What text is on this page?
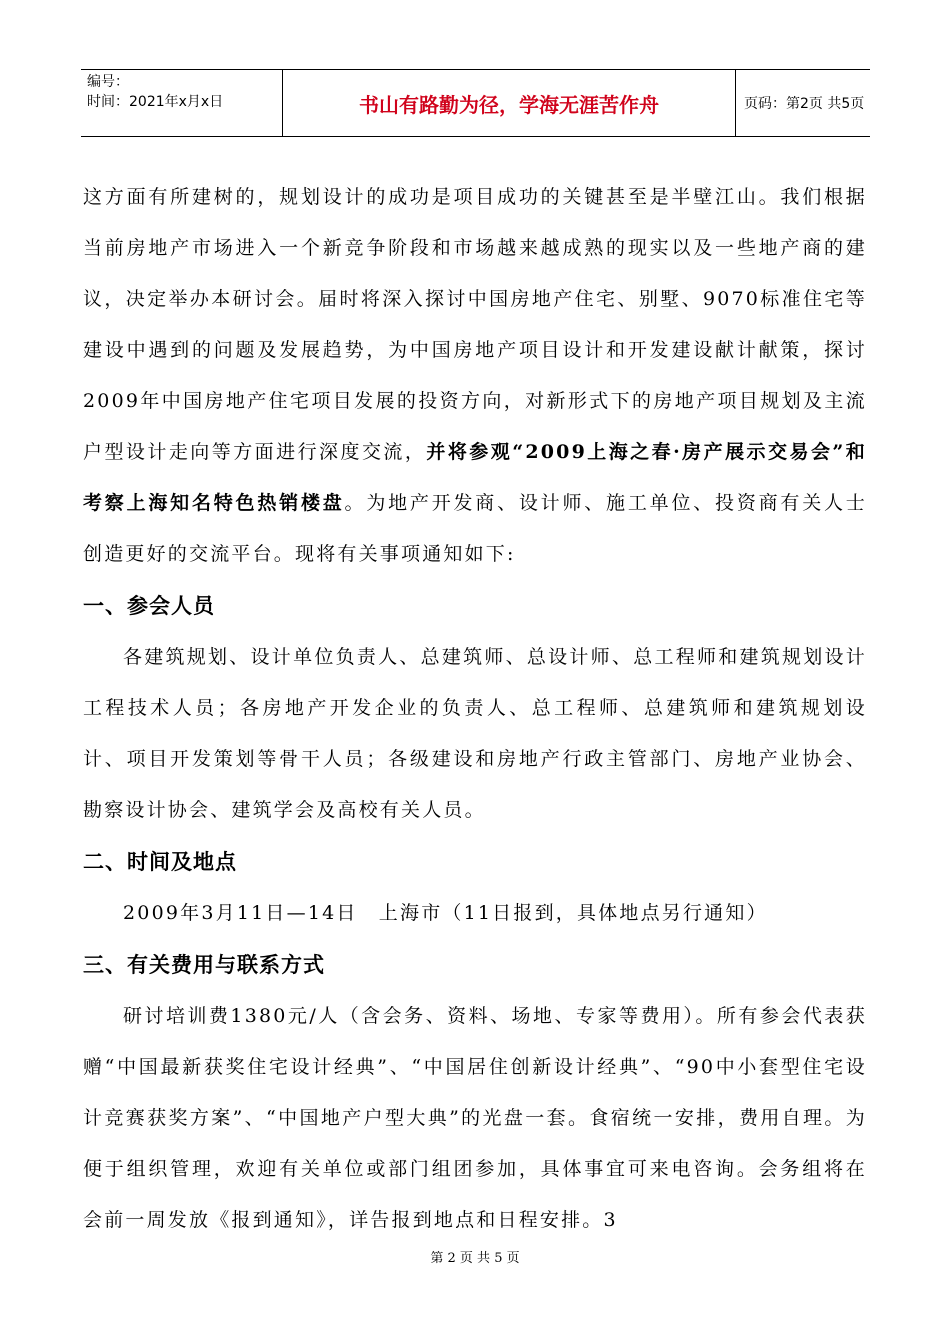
编号：
时间：2021年x月x日	书山有路勤为径，学海无涯苦作舟	页码：第2页 共5页

这方面有所建树的，规划设计的成功是项目成功的关键甚至是半壁江山。我们根据当前房地产市场进入一个新竞争阶段和市场越来越成熟的现实以及一些地产商的建议，决定举办本研讨会。届时将深入探讨中国房地产住宅、别墅、9070标准住宅等建设中遇到的问题及发展趋势，为中国房地产项目设计和开发建设献计献策，探讨2009年中国房地产住宅项目发展的投资方向，对新形式下的房地产项目规划及主流户型设计走向等方面进行深度交流，并将参观“2009上海之春·房产展示交易会”和考察上海知名特色热销楼盘。为地产开发商、设计师、施工单位、投资商有关人士创造更好的交流平台。现将有关事项通知如下:

一、参会人员

各建筑规划、设计单位负责人、总建筑师、总设计师、总工程师和建筑规划设计工程技术人员；各房地产开发企业的负责人、总工程师、总建筑师和建筑规划设计、项目开发策划等骨干人员；各级建设和房地产行政主管部门、房地产业协会、勘察设计协会、建筑学会及高校有关人员。

二、时间及地点

2009年3月11日—14日　上海市（11日报到，具体地点另行通知）

三、有关费用与联系方式

研讨培训费1380元/人（含会务、资料、场地、专家等费用）。所有参会代表获赠“中国最新获奖住宅设计经典”、“中国居住创新设计经典”、“90中小套型住宅设计竞赛获奖方案”、“中国地产户型大典”的光盘一套。食宿统一安排，费用自理。为便于组织管理，欢迎有关单位或部门组团参加，具体事宜可来电咨询。会务组将在会前一周发放《报到通知》，详告报到地点和日程安排。3

第 2 页 共 5 页
